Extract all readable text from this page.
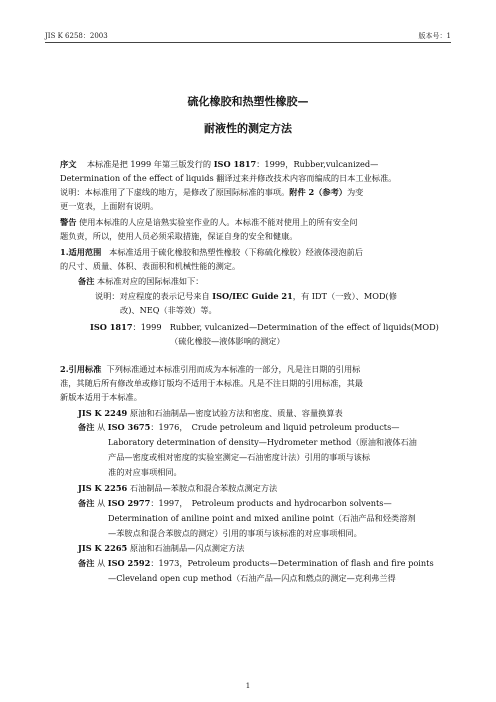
JIS K 6258：2003	版本号：1
硫化橡胶和热塑性橡胶—
耐液性的测定方法
序文 本标准是把 1999 年第三版发行的 ISO 1817：1999，Rubber,vulcanized—
Determination of the effect of liquids 翻译过来并修改技术内容而编成的日本工业标准。
说明：本标准用了下虚线的地方，是修改了原国际标准的事项。附件 2（参考）为变
更一览表，上面附有说明。
警告 使用本标准的人应是谙熟实验室作业的人。本标准不能对使用上的所有安全问
题负责，所以，使用人员必须采取措施，保证自身的安全和健康。
1.适用范围 本标准适用于硫化橡胶和热塑性橡胶（下称硫化橡胶）经液体浸泡前后
的尺寸、质量、体积、表面积和机械性能的测定。
备注 本标准对应的国际标准如下：
说明：对应程度的表示记号来自 ISO/IEC Guide 21，有 IDT（一致）、MOD(修
改)、NEQ（非等效）等。
ISO 1817：1999　Rubber, vulcanized—Determination of the effect of liquids(MOD)
（硫化橡胶—液体影响的测定）
2.引用标准 下列标准通过本标准引用而成为本标准的一部分，凡是注日期的引用标
准，其随后所有修改单或修订版均不适用于本标准。凡是不注日期的引用标准，其最
新版本适用于本标准。
JIS K 2249 原油和石油制品—密度试验方法和密度、质量、容量换算表
备注 从 ISO 3675：1976，　Crude petroleum and liquid petroleum products—
Laboratory determination of density—Hydrometer method（原油和液体石油
产品—密度或相对密度的实验室测定—石油密度计法）引用的事项与该标
准的对应事项相同。
JIS K 2256 石油制品—苯胺点和混合苯胺点测定方法
备注 从 ISO 2977：1997，　Petroleum products and hydrocarbon solvents—
Determination of aniline point and mixed aniline point（石油产品和烃类溶剂
—苯胺点和混合苯胺点的测定）引用的事项与该标准的对应事项相同。
JIS K 2265 原油和石油制品—闪点测定方法
备注 从 ISO 2592：1973，Petroleum products—Determination of flash and fire points
—Cleveland open cup method（石油产品—闪点和燃点的测定—克利弗兰得
1
